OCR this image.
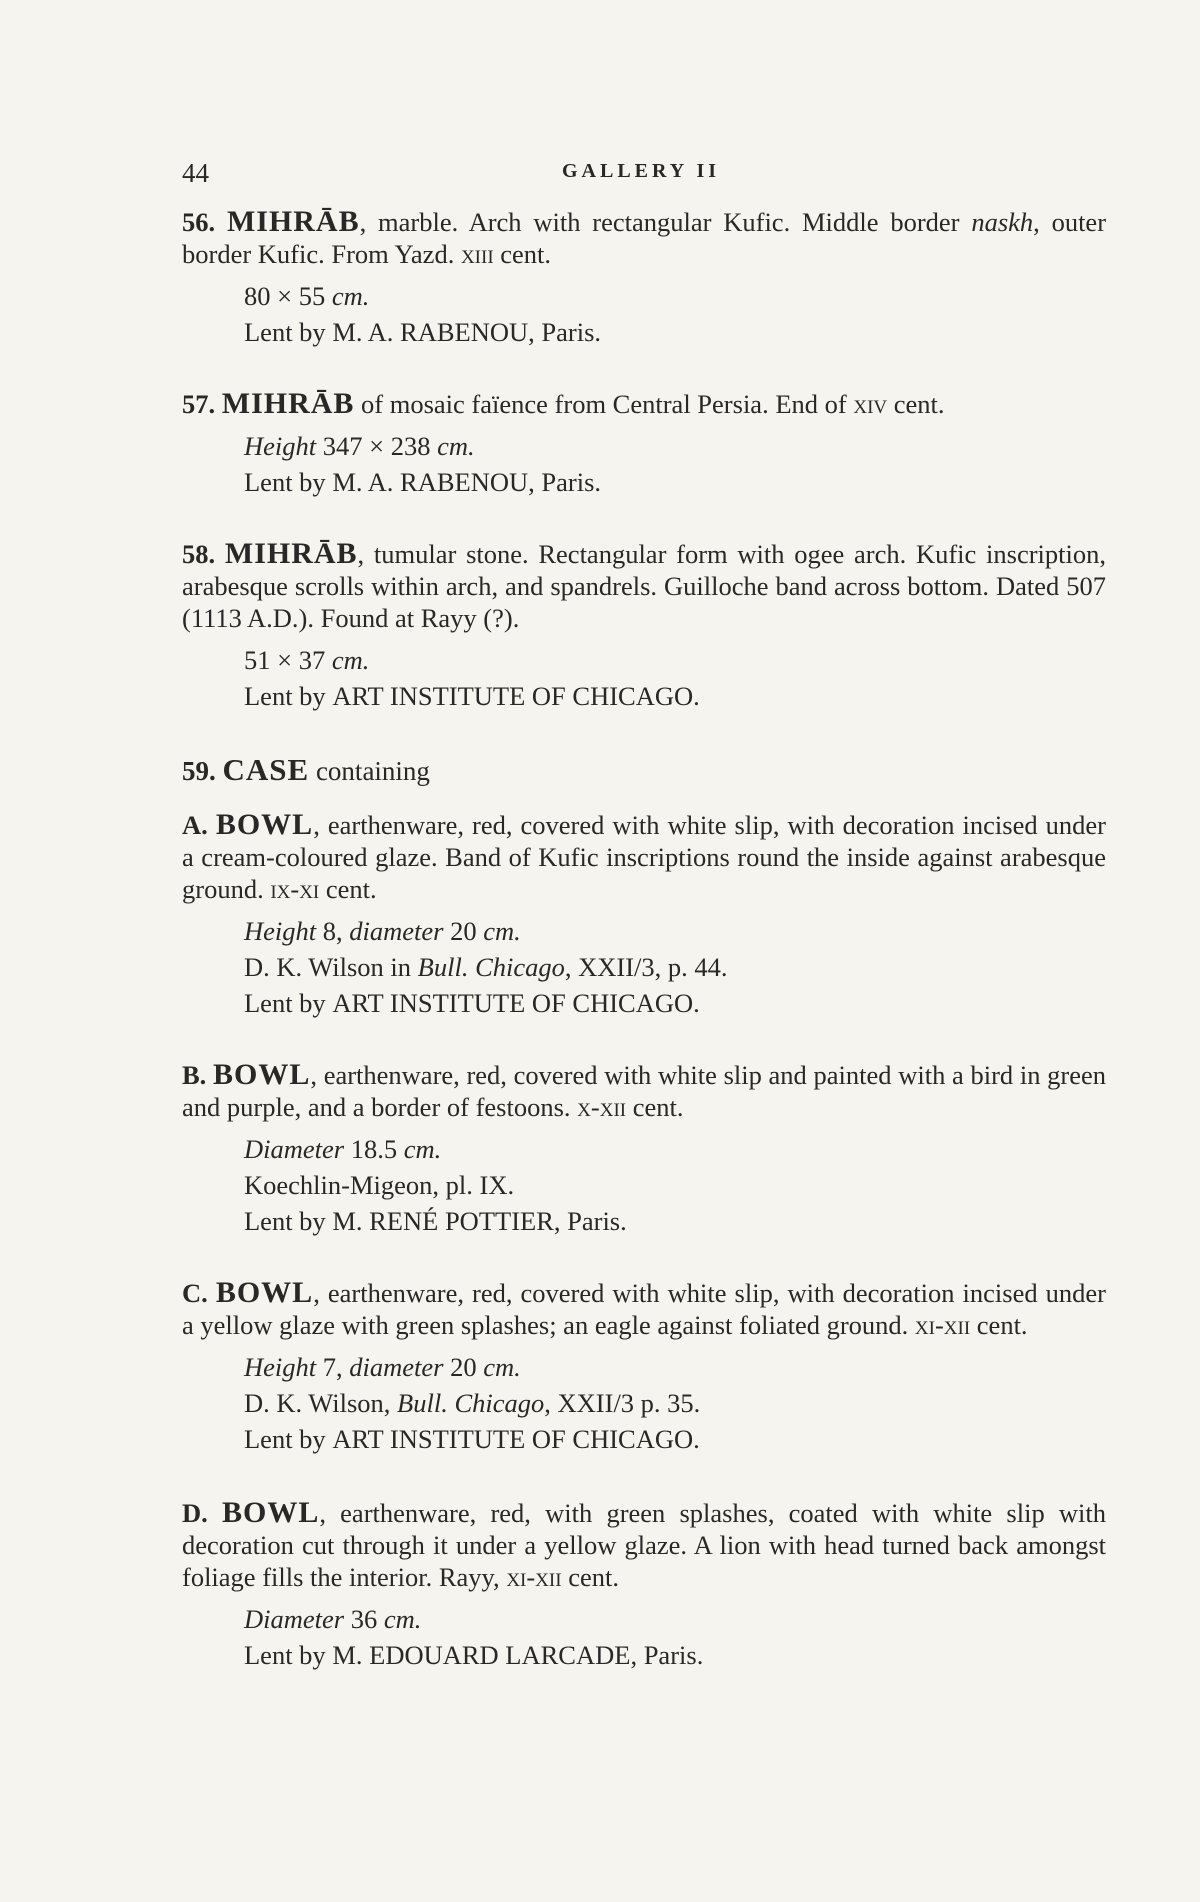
44	GALLERY II
56. MIHRĀB, marble. Arch with rectangular Kufic. Middle border naskh, outer border Kufic. From Yazd. xiii cent.
80 × 55 cm.
Lent by M. A. RABENOU, Paris.
57. MIHRĀB of mosaic faïence from Central Persia. End of xiv cent.
Height 347 × 238 cm.
Lent by M. A. RABENOU, Paris.
58. MIHRĀB, tumular stone. Rectangular form with ogee arch. Kufic inscription, arabesque scrolls within arch, and spandrels. Guilloche band across bottom. Dated 507 (1113 A.D.). Found at Rayy (?).
51 × 37 cm.
Lent by ART INSTITUTE OF CHICAGO.
59. CASE containing
A. BOWL, earthenware, red, covered with white slip, with decoration incised under a cream-coloured glaze. Band of Kufic inscriptions round the inside against arabesque ground. ix-xi cent.
Height 8, diameter 20 cm.
D. K. Wilson in Bull. Chicago, XXII/3, p. 44.
Lent by ART INSTITUTE OF CHICAGO.
B. BOWL, earthenware, red, covered with white slip and painted with a bird in green and purple, and a border of festoons. x-xii cent.
Diameter 18.5 cm.
Koechlin-Migeon, pl. IX.
Lent by M. RENÉ POTTIER, Paris.
C. BOWL, earthenware, red, covered with white slip, with decoration incised under a yellow glaze with green splashes; an eagle against foliated ground. xi-xii cent.
Height 7, diameter 20 cm.
D. K. Wilson, Bull. Chicago, XXII/3 p. 35.
Lent by ART INSTITUTE OF CHICAGO.
D. BOWL, earthenware, red, with green splashes, coated with white slip with decoration cut through it under a yellow glaze. A lion with head turned back amongst foliage fills the interior. Rayy, xi-xii cent.
Diameter 36 cm.
Lent by M. EDOUARD LARCADE, Paris.
